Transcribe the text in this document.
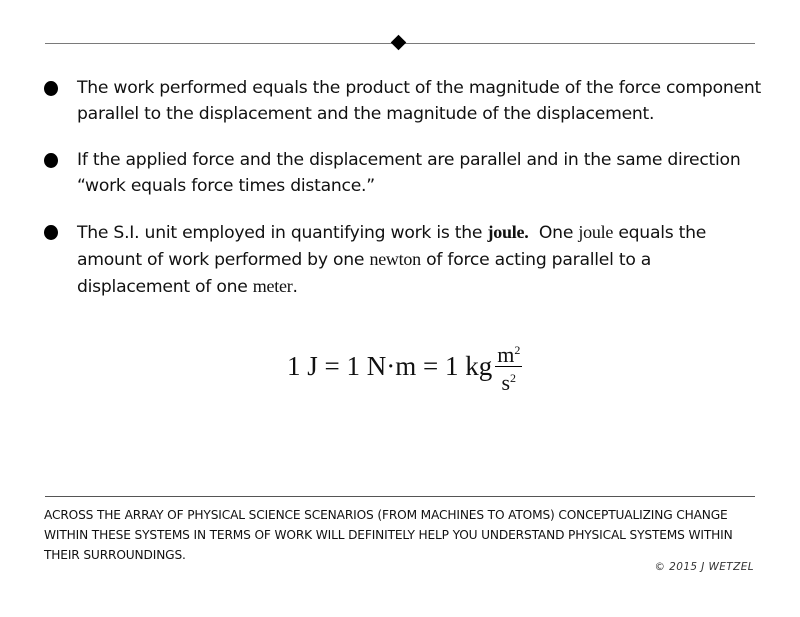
The work performed equals the product of the magnitude of the force component parallel to the displacement and the magnitude of the displacement.
If the applied force and the displacement are parallel and in the same direction “work equals force times distance.”
The S.I. unit employed in quantifying work is the joule.  One joule equals the amount of work performed by one newton of force acting parallel to a displacement of one meter.
1 J = 1 N·m = 1 kg $\frac{m^2}{s^2}$
ACROSS THE ARRAY OF PHYSICAL SCIENCE SCENARIOS (FROM MACHINES TO ATOMS) CONCEPTUALIZING CHANGE WITHIN THESE SYSTEMS IN TERMS OF WORK WILL DEFINITELY HELP YOU UNDERSTAND PHYSICAL SYSTEMS WITHIN THEIR SURROUNDINGS.
© 2015 J WETZEL
